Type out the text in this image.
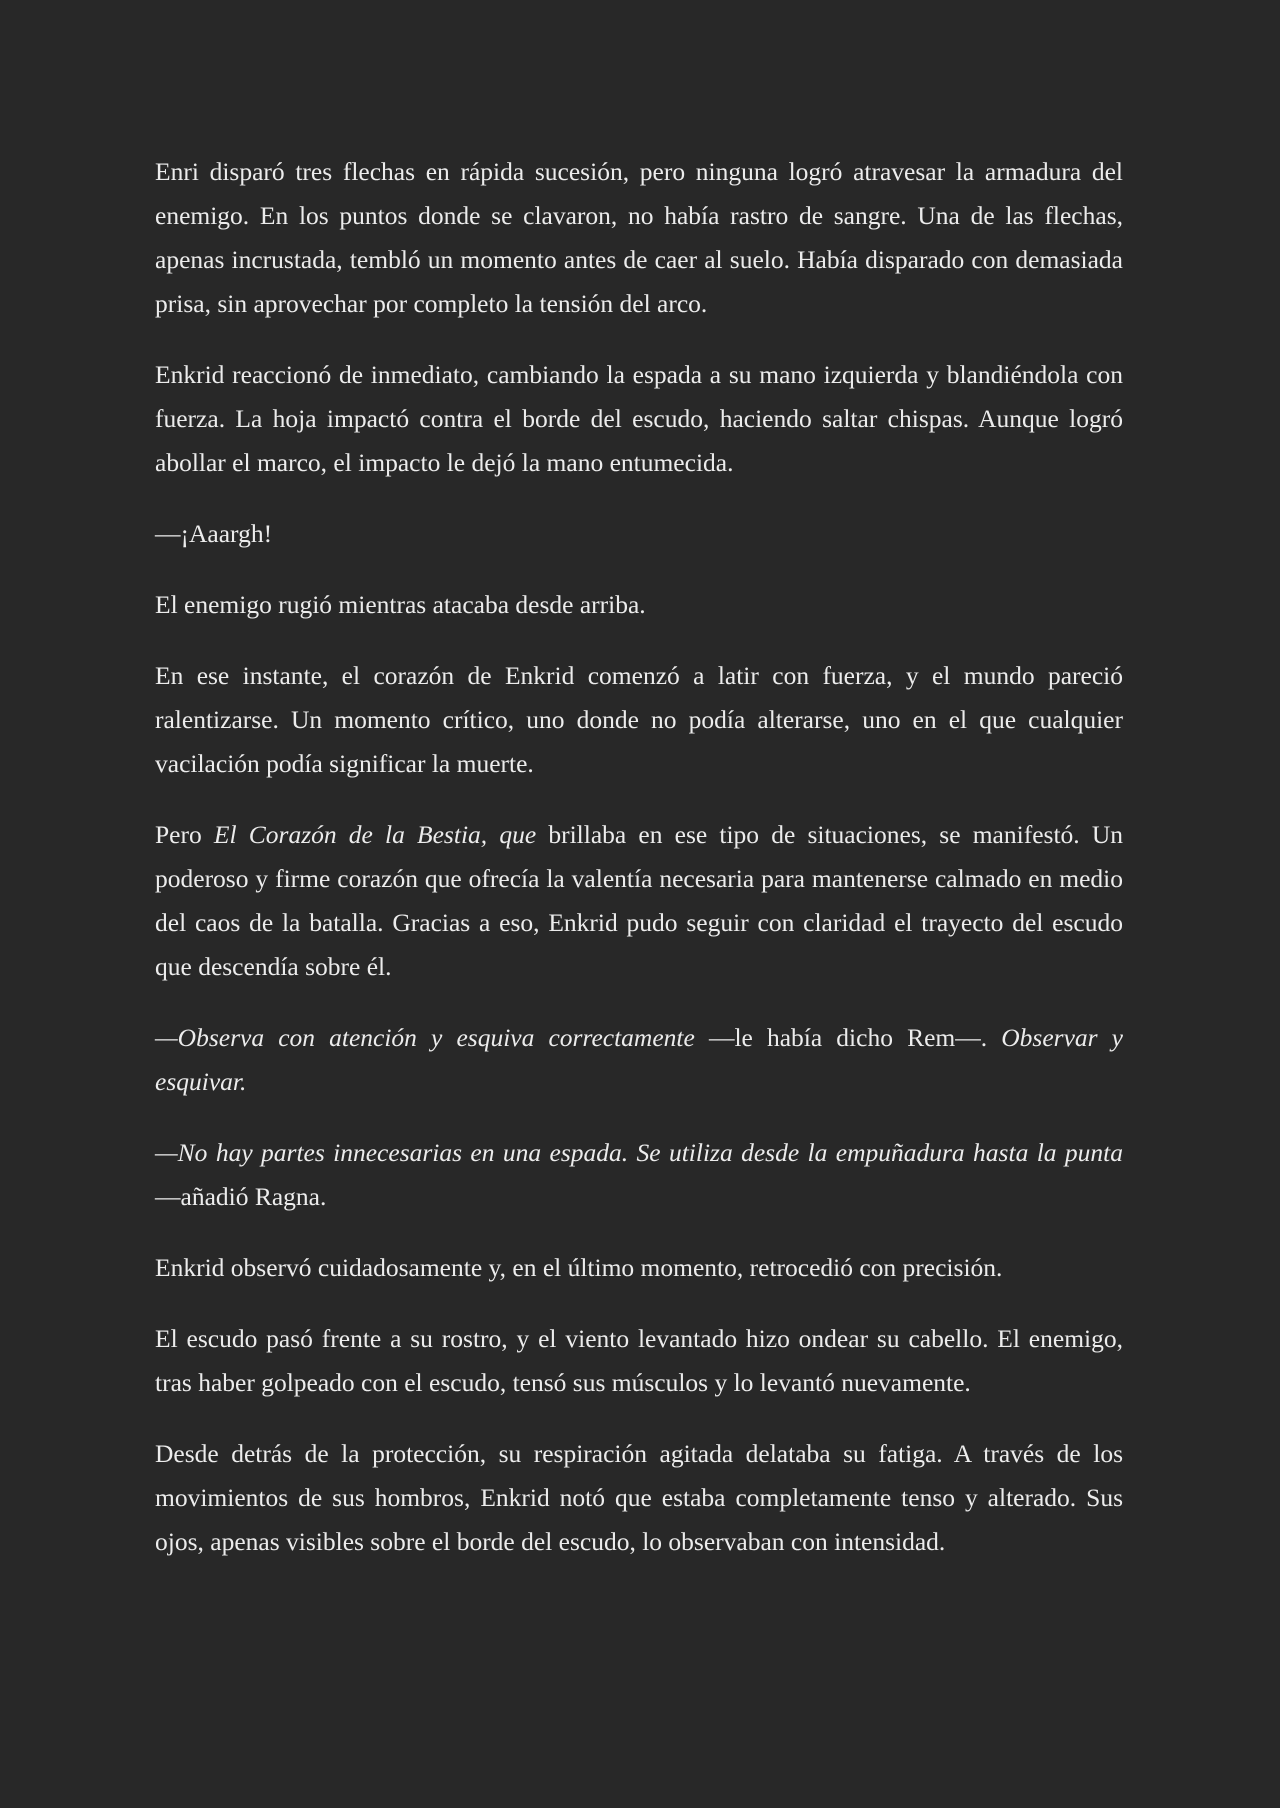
Enri disparó tres flechas en rápida sucesión, pero ninguna logró atravesar la armadura del enemigo. En los puntos donde se clavaron, no había rastro de sangre. Una de las flechas, apenas incrustada, tembló un momento antes de caer al suelo. Había disparado con demasiada prisa, sin aprovechar por completo la tensión del arco.

Enkrid reaccionó de inmediato, cambiando la espada a su mano izquierda y blandiéndola con fuerza. La hoja impactó contra el borde del escudo, haciendo saltar chispas. Aunque logró abollar el marco, el impacto le dejó la mano entumecida.

—¡Aaargh!

El enemigo rugió mientras atacaba desde arriba.

En ese instante, el corazón de Enkrid comenzó a latir con fuerza, y el mundo pareció ralentizarse. Un momento crítico, uno donde no podía alterarse, uno en el que cualquier vacilación podía significar la muerte.

Pero El Corazón de la Bestia, que brillaba en ese tipo de situaciones, se manifestó. Un poderoso y firme corazón que ofrecía la valentía necesaria para mantenerse calmado en medio del caos de la batalla. Gracias a eso, Enkrid pudo seguir con claridad el trayecto del escudo que descendía sobre él.

—Observa con atención y esquiva correctamente —le había dicho Rem—. Observar y esquivar.

—No hay partes innecesarias en una espada. Se utiliza desde la empuñadura hasta la punta —añadió Ragna.

Enkrid observó cuidadosamente y, en el último momento, retrocedió con precisión.

El escudo pasó frente a su rostro, y el viento levantado hizo ondear su cabello. El enemigo, tras haber golpeado con el escudo, tensó sus músculos y lo levantó nuevamente.

Desde detrás de la protección, su respiración agitada delataba su fatiga. A través de los movimientos de sus hombros, Enkrid notó que estaba completamente tenso y alterado. Sus ojos, apenas visibles sobre el borde del escudo, lo observaban con intensidad.
